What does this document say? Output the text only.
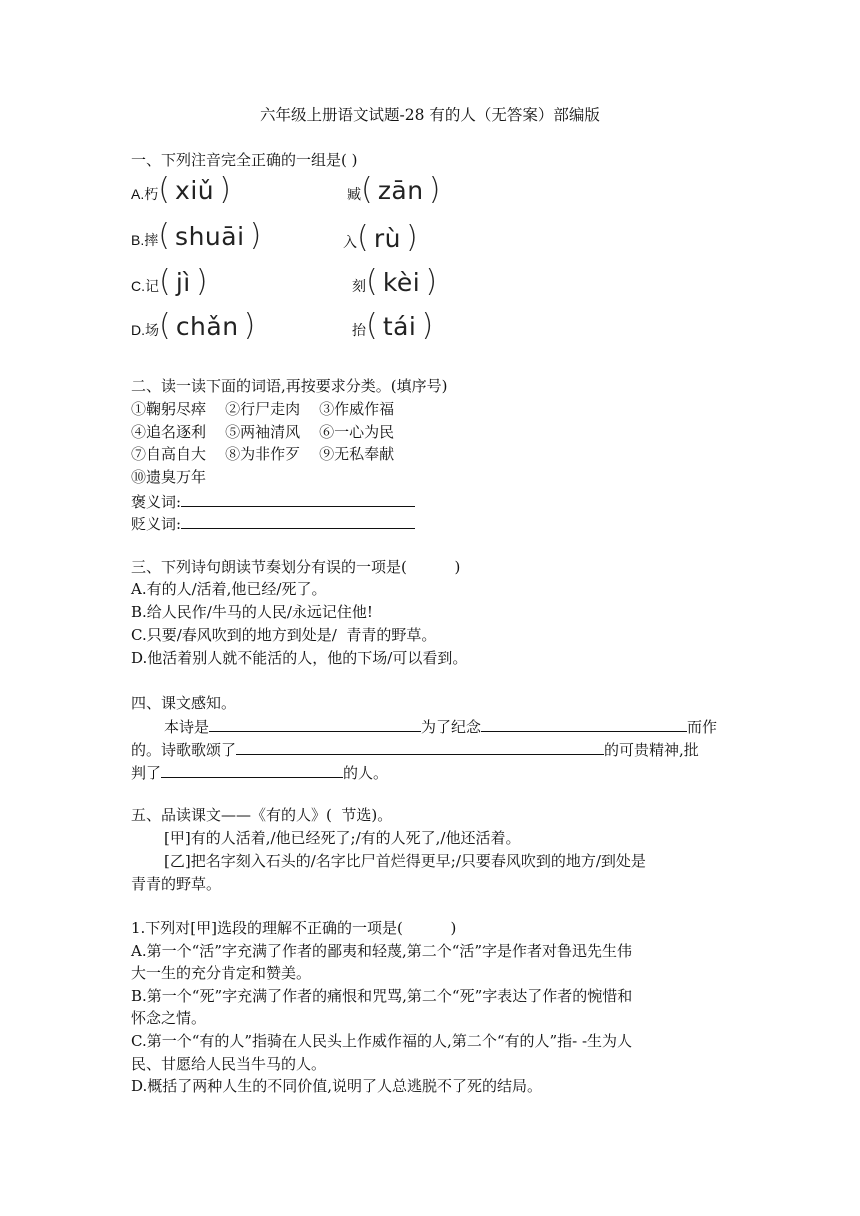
六年级上册语文试题-28 有的人（无答案）部编版
一、下列注音完全正确的一组是( )
A.朽( xiǔ )	臧( zān )
B.摔( shuāi )	入( rù )
C.记( jì )	刻( kèi )
D.场( chǎn )	抬( tái )
二、读一读下面的词语,再按要求分类。(填序号)
①鞠躬尽瘁    ②行尸走肉    ③作威作福
④追名逐利    ⑤两袖清风    ⑥一心为民
⑦自高自大    ⑧为非作歹    ⑨无私奉献
⑩遗臭万年
褒义词:
贬义词:
三、下列诗句朗读节奏划分有误的一项是(          )
A.有的人/活着,他已经/死了。
B.给人民作/牛马的人民/永远记住他!
C.只要/春风吹到的地方到处是/  青青的野草。
D.他活着别人就不能活的人，他的下场/可以看到。
四、课文感知。
本诗是	为了纪念	而作
的。诗歌歌颂了	的可贵精神,批
判了	的人。
五、品读课文——《有的人》(  节选)。
[甲]有的人活着,/他已经死了;/有的人死了,/他还活着。
[乙]把名字刻入石头的/名字比尸首烂得更早;/只要春风吹到的地方/到处是
青青的野草。
1.下列对[甲]选段的理解不正确的一项是(          )
A.第一个“活”字充满了作者的鄙夷和轻蔑,第二个“活”字是作者对鲁迅先生伟
大一生的充分肯定和赞美。
B.第一个“死”字充满了作者的痛恨和咒骂,第二个“死”字表达了作者的惋惜和
怀念之情。
C.第一个“有的人”指骑在人民头上作威作福的人,第二个“有的人”指- -生为人
民、甘愿给人民当牛马的人。
D.概括了两种人生的不同价值,说明了人总逃脱不了死的结局。
